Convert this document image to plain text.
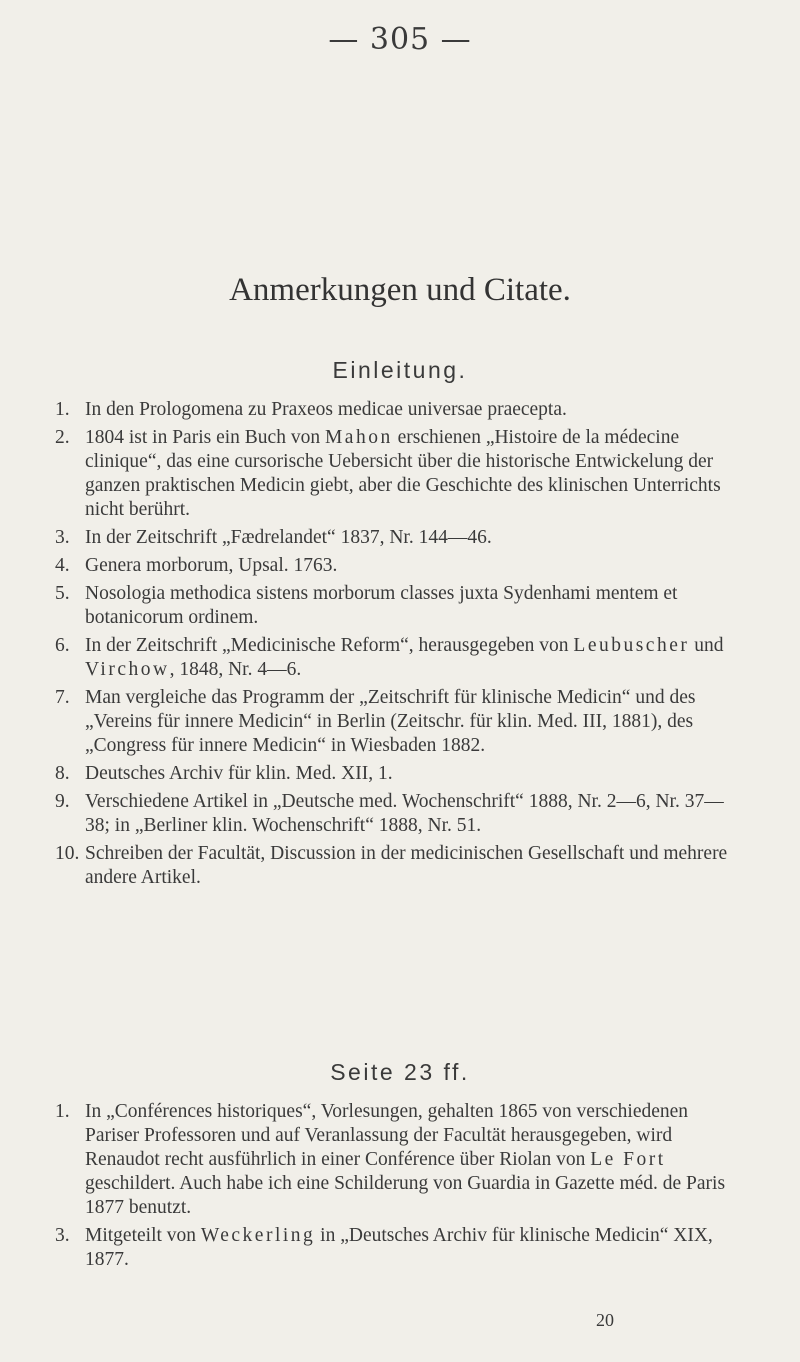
— 305 —
Anmerkungen und Citate.
Einleitung.
1. In den Prologomena zu Praxeos medicae universae praecepta.
2. 1804 ist in Paris ein Buch von Mahon erschienen „Histoire de la médecine clinique“, das eine cursorische Uebersicht über die historische Entwickelung der ganzen praktischen Medicin giebt, aber die Geschichte des klinischen Unterrichts nicht berührt.
3. In der Zeitschrift „Fædrelandet“ 1837, Nr. 144—46.
4. Genera morborum, Upsal. 1763.
5. Nosologia methodica sistens morborum classes juxta Sydenhami mentem et botanicorum ordinem.
6. In der Zeitschrift „Medicinische Reform“, herausgegeben von Leubuscher und Virchow, 1848, Nr. 4—6.
7. Man vergleiche das Programm der „Zeitschrift für klinische Medicin“ und des „Vereins für innere Medicin“ in Berlin (Zeitschr. für klin. Med. III, 1881), des „Congress für innere Medicin“ in Wiesbaden 1882.
8. Deutsches Archiv für klin. Med. XII, 1.
9. Verschiedene Artikel in „Deutsche med. Wochenschrift“ 1888, Nr. 2—6, Nr. 37—38; in „Berliner klin. Wochenschrift“ 1888, Nr. 51.
10. Schreiben der Facultät, Discussion in der medicinischen Gesellschaft und mehrere andere Artikel.
Seite 23 ff.
1. In „Conférences historiques“, Vorlesungen, gehalten 1865 von verschiedenen Pariser Professoren und auf Veranlassung der Facultät herausgegeben, wird Renaudot recht ausführlich in einer Conférence über Riolan von Le Fort geschildert. Auch habe ich eine Schilderung von Guardia in Gazette méd. de Paris 1877 benutzt.
3. Mitgeteilt von Weckerling in „Deutsches Archiv für klinische Medicin“ XIX, 1877.
20
